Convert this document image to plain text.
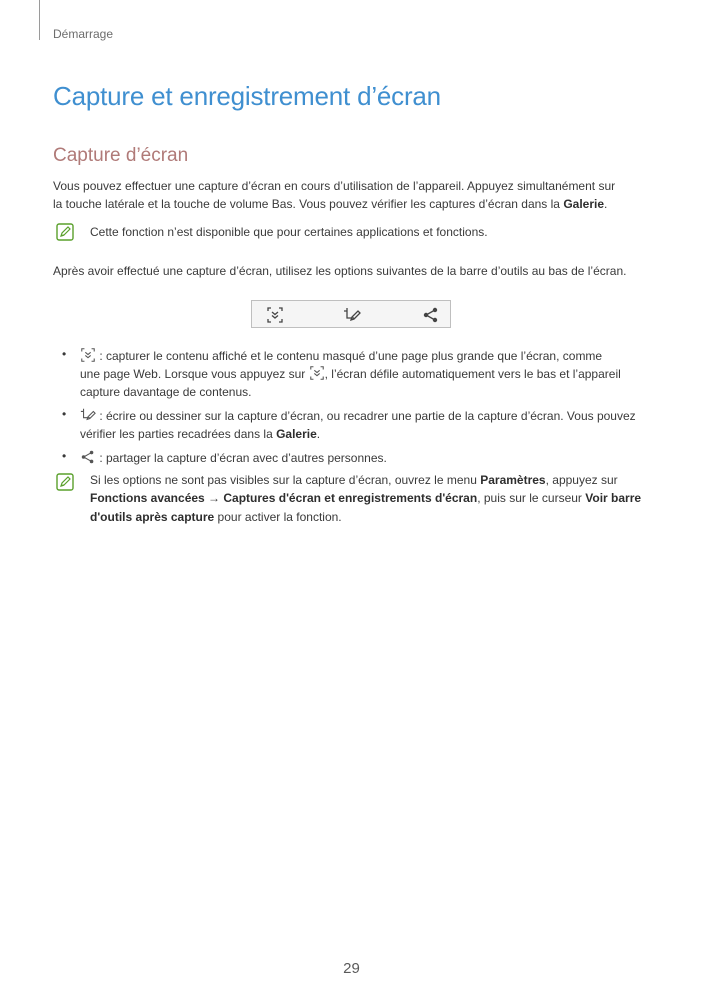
Démarrage
Capture et enregistrement d’écran
Capture d’écran
Vous pouvez effectuer une capture d’écran en cours d’utilisation de l’appareil. Appuyez simultanément sur
la touche latérale et la touche de volume Bas. Vous pouvez vérifier les captures d’écran dans la Galerie.
Cette fonction n’est disponible que pour certaines applications et fonctions.
Après avoir effectué une capture d’écran, utilisez les options suivantes de la barre d’outils au bas de l’écran.
•	: capturer le contenu affiché et le contenu masqué d’une page plus grande que l’écran, comme
une page Web. Lorsque vous appuyez sur , l’écran défile automatiquement vers le bas et l’appareil
capture davantage de contenus.
•	: écrire ou dessiner sur la capture d’écran, ou recadrer une partie de la capture d’écran. Vous pouvez
vérifier les parties recadrées dans la Galerie.
•	: partager la capture d’écran avec d’autres personnes.
Si les options ne sont pas visibles sur la capture d’écran, ouvrez le menu Paramètres, appuyez sur
Fonctions avancées → Captures d'écran et enregistrements d'écran, puis sur le curseur Voir barre
d'outils après capture pour activer la fonction.
29
